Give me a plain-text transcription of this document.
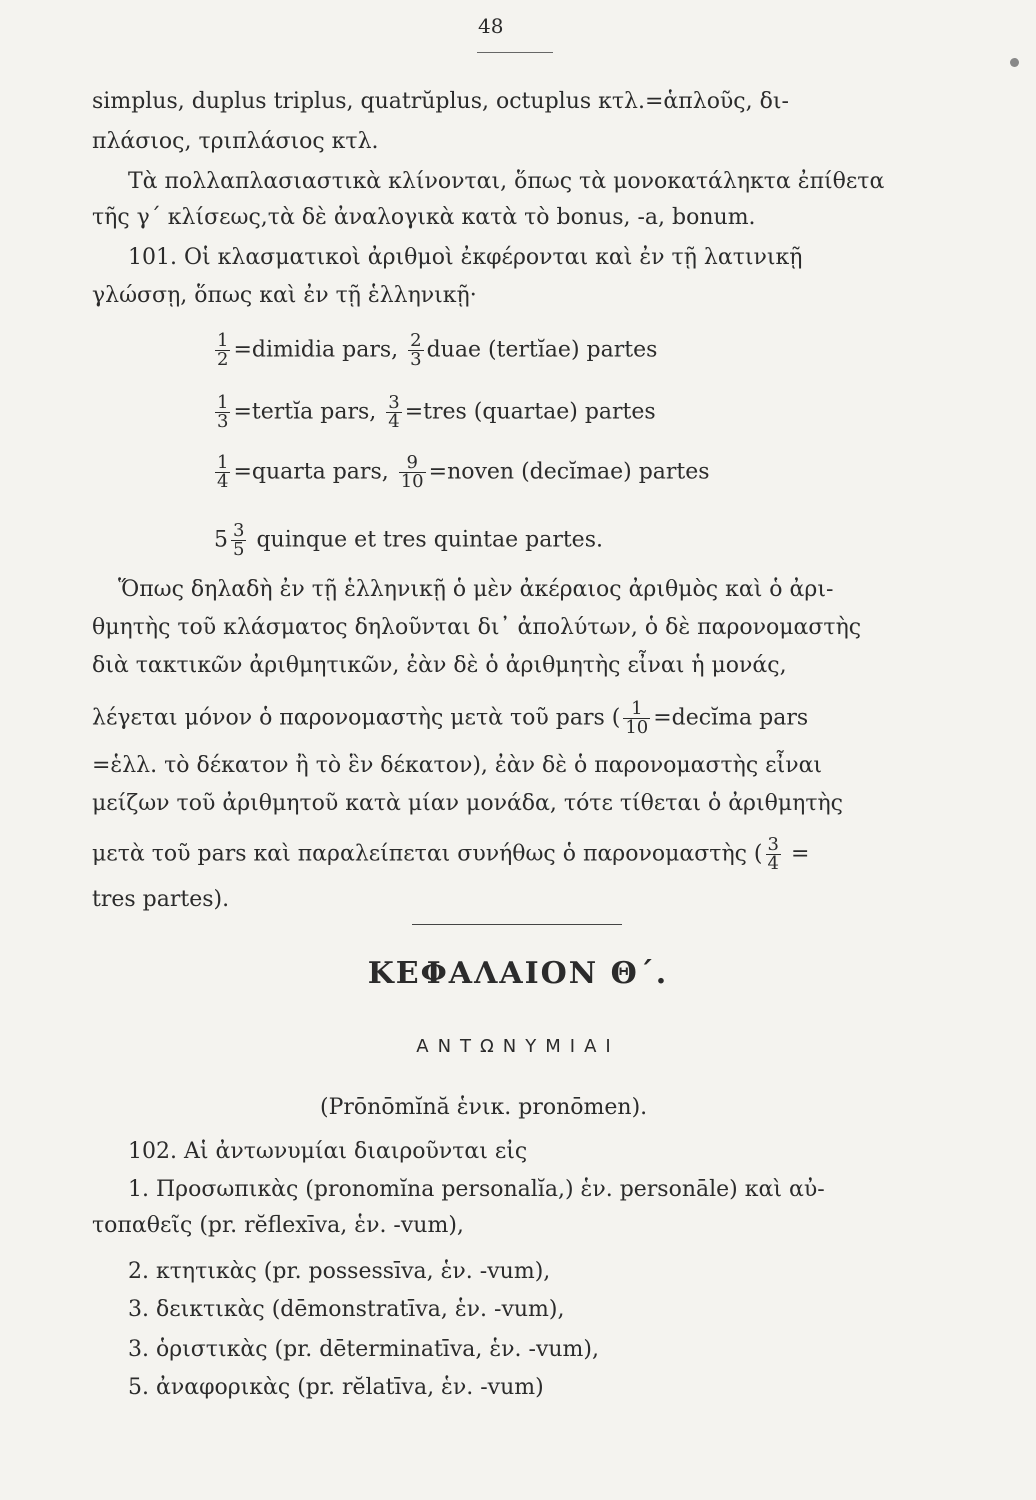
48
simplus, duplus triplus, quatrŭplus, octuplus κτλ.=ἁπλοῦς, δι-
πλάσιος, τριπλάσιος κτλ.
Τὰ πολλαπλασιαστικὰ κλίνονται, ὅπως τὰ μονοκατάληκτα ἐπίθετα
τῆς γ΄ κλίσεως,τὰ δὲ ἀναλογικὰ κατὰ τὸ bonus, -a, bonum.
101. Οἱ κλασματικοὶ ἀριθμοὶ ἐκφέρονται καὶ ἐν τῇ λατινικῇ
γλώσσῃ, ὅπως καὶ ἐν τῇ ἑλληνικῇ·
$\frac{1}{2}$ =dimidia pars, $\frac{2}{3}$ duae (tertĭae) partes
$\frac{1}{3}$ =tertĭa pars, $\frac{3}{4}$ =tres (quartae) partes
$\frac{1}{4}$ =quarta pars, $\frac{9}{10}$ =noven (decĭmae) partes
$5 \frac{3}{5}$ quinque et tres quintae partes.
Ὅπως δηλαδὴ ἐν τῇ ἑλληνικῇ ὁ μὲν ἀκέραιος ἀριθμὸς καὶ ὁ ἀρι-
θμητὴς τοῦ κλάσματος δηλοῦνται δι᾿ ἀπολύτων, ὁ δὲ παρονομαστὴς
διὰ τακτικῶν ἀριθμητικῶν, ἐὰν δὲ ὁ ἀριθμητὴς εἶναι ἡ μονάς,
λέγεται μόνον ὁ παρονομαστὴς μετὰ τοῦ pars ( $\frac{1}{10}$ =decĭma pars
=ἑλλ. τὸ δέκατον ἢ τὸ ἓν δέκατον), ἐὰν δὲ ὁ παρονομαστὴς εἶναι
μείζων τοῦ ἀριθμητοῦ κατὰ μίαν μονάδα, τότε τίθεται ὁ ἀριθμητὴς
μετὰ τοῦ pars καὶ παραλείπεται συνήθως ὁ παρονομαστὴς ( $\frac{3}{4}$ =
tres partes).
ΚΕΦΑΛΑΙΟΝ Θ΄.
ΑΝΤΩΝΥΜΙΑΙ
(Prōnōmĭnă ἑνικ. pronōmen).
102. Αἱ ἀντωνυμίαι διαιροῦνται εἰς
1. Προσωπικὰς (pronomĭna personalĭa,) ἑν. personāle) καὶ αὐ-
τοπαθεῖς (pr. rĕflexīva, ἑν. -vum),
2. κτητικὰς (pr. possessīva, ἑν. -vum),
3. δεικτικὰς (dēmonstratīva, ἑν. -vum),
3. ὁριστικὰς (pr. dēterminatīva, ἑν. -vum),
5. ἀναφορικὰς (pr. rĕlatīva, ἑν. -vum)
